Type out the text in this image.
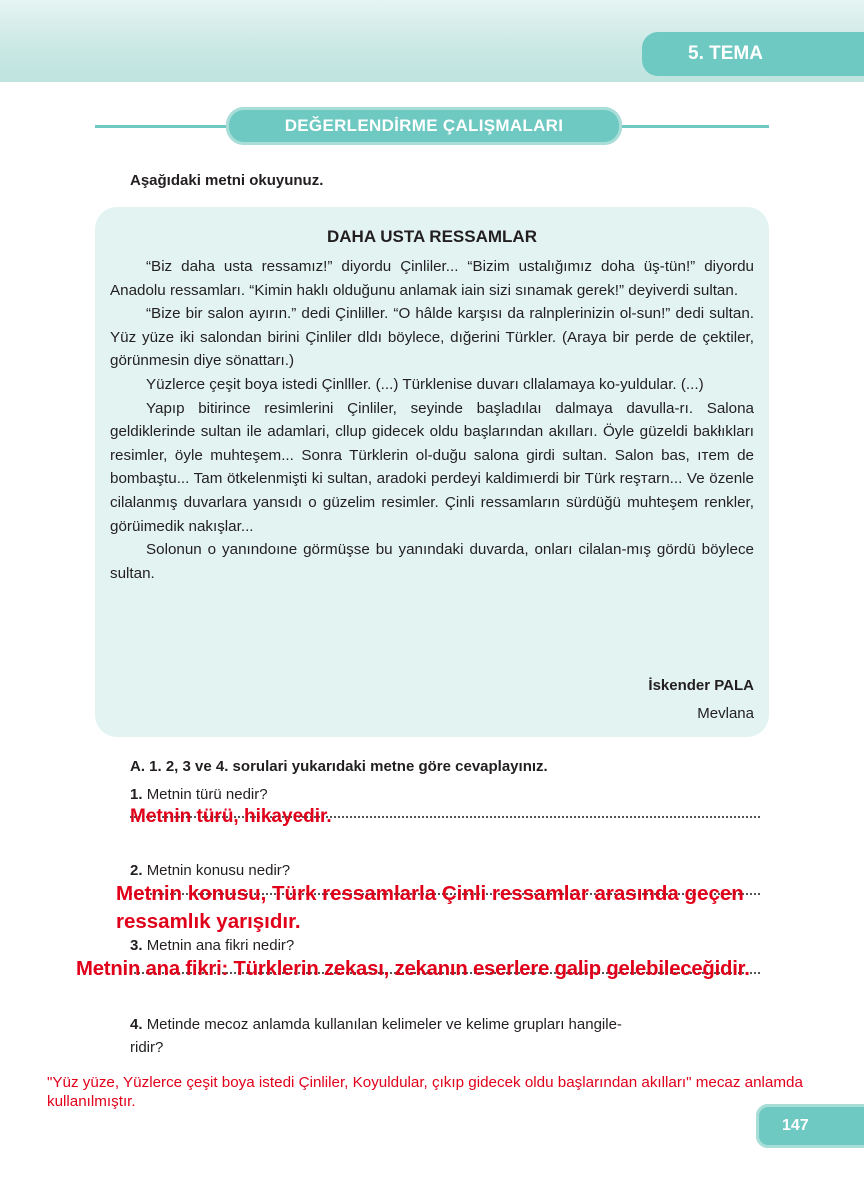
5. TEMA
DEĞERLENDİRME ÇALIŞMALARI
Aşağıdaki metni okuyunuz.
DAHA USTA RESSAMLAR

“Biz daha usta ressamız!” diyordu Çinliler... “Bizim ustalığımız doha üş-tün!” diyordu Anadolu ressamları. “Kimin haklı olduğunu anlamak iain sizi sınamak gerek!” deyiverdi sultan.

“Bize bir salon ayırın.” dedi Çinliller. “O hâlde karşısı da ralnplerinizin ol-sun!” dedi sultan. Yüz yüze iki salondan birini Çinliler dldı böylece, dığerini Türkler. (Araya bir perde de çektiler, görünmesin diye sönattarı.)

Yüzlerce çeşit boya istedi Çinlller. (...) Türklenise duvarı cllalamaya ko-yuldular. (...)

Yapıp bitirince resimlerini Çinliler, seyinde başladılaı dalmaya davulla-rı. Salona geldiklerinde sultan ile adamlari, cllup gidecek oldu başlarından akılları. Öyle güzeldi bakłıkları resimler, öyle muhteşem... Sonra Türklerin ol-duğu salona girdi sultan. Salon bas, ıтem de bombaştu... Tam ötkelenmişti ki sultan, aradoki perdeyi kaldimıerdi bir Türk reşтarn... Ve özenle cilalanmış duvarlara yansıdı o güzelim resimler. Çinli ressamların sürdüğü muhteşem renkler, görüimedik nakışlar...

Solonun o yanındoıne görmüşse bu yanındaki duvarda, onları cilalan-mış gördü böylece sultan.

İskender PALA
Mevlana
A. 1. 2, 3 ve 4. sorulari yukarıdaki metne göre cevaplayınız.
1. Metnin türü nedir?
Metnin türü, hikayedir.
2. Metnin konusu nedir?
Metnin konusu, Türk ressamlarla Çinli ressamlar arasında geçen
ressamlık yarışıdır.
3. Metnin ana fikri nedir?
Metnin ana fikri: Türklerin zekası, zekanın eserlere galip gelebileceğidir.
4. Metinde mecoz anlamda kullanılan kelimeler ve kelime grupları hangile-
ridir?
"Yüz yüze, Yüzlerce çeşit boya istedi Çinliler, Koyuldular, çıkıp gidecek oldu başlarından akılları" mecaz anlamda kullanılmıştır.
147
